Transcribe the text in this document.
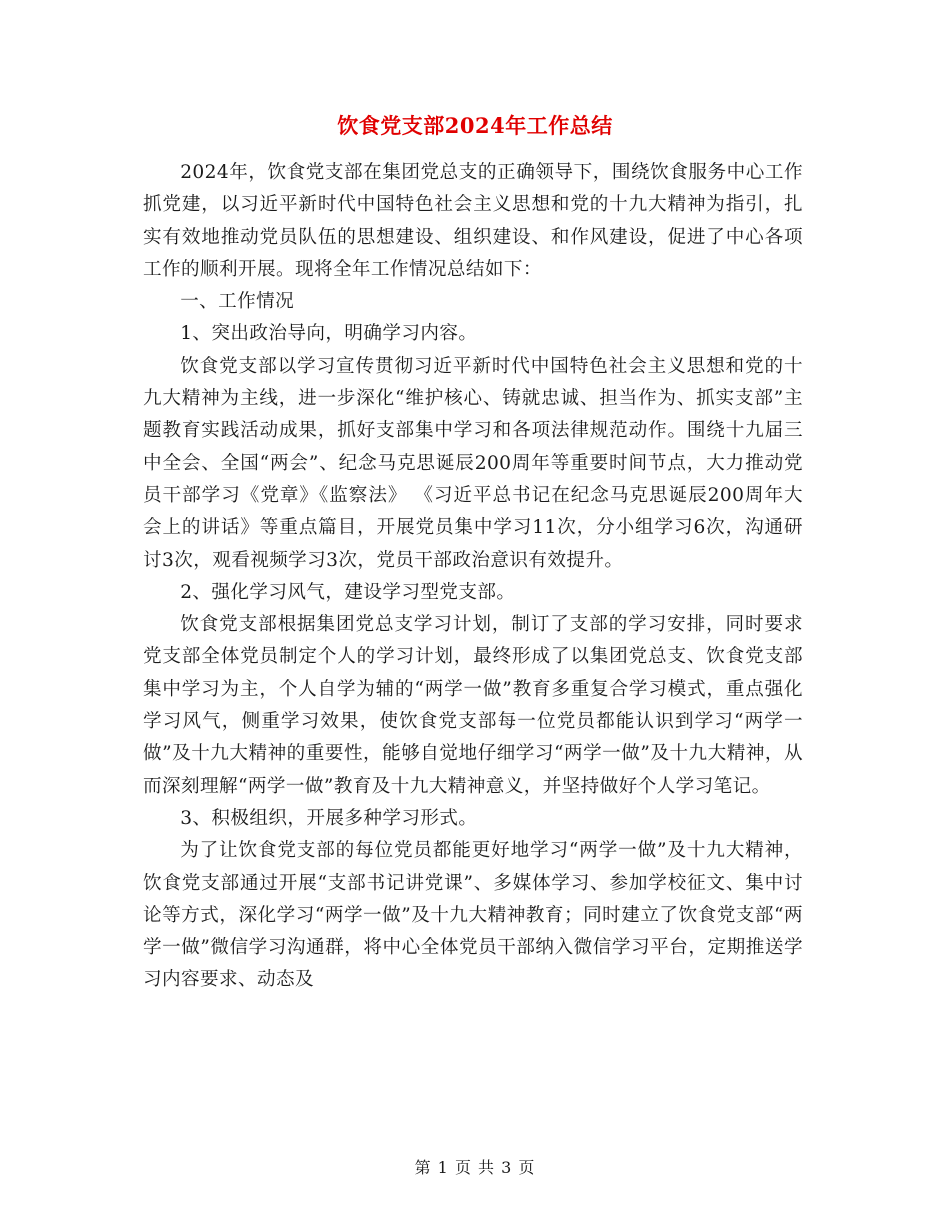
饮食党支部2024年工作总结

2024年，饮食党支部在集团党总支的正确领导下，围绕饮食服务中心工作抓党建，以习近平新时代中国特色社会主义思想和党的十九大精神为指引，扎实有效地推动党员队伍的思想建设、组织建设、和作风建设，促进了中心各项工作的顺利开展。现将全年工作情况总结如下：

一、工作情况

1、突出政治导向，明确学习内容。

饮食党支部以学习宣传贯彻习近平新时代中国特色社会主义思想和党的十九大精神为主线，进一步深化“维护核心、铸就忠诚、担当作为、抓实支部”主题教育实践活动成果，抓好支部集中学习和各项法律规范动作。围绕十九届三中全会、全国“两会”、纪念马克思诞辰200周年等重要时间节点，大力推动党员干部学习《党章》《监察法》 《习近平总书记在纪念马克思诞辰200周年大会上的讲话》等重点篇目，开展党员集中学习11次，分小组学习6次，沟通研讨3次，观看视频学习3次，党员干部政治意识有效提升。

2、强化学习风气，建设学习型党支部。

饮食党支部根据集团党总支学习计划，制订了支部的学习安排，同时要求党支部全体党员制定个人的学习计划，最终形成了以集团党总支、饮食党支部集中学习为主，个人自学为辅的“两学一做”教育多重复合学习模式，重点强化学习风气，侧重学习效果，使饮食党支部每一位党员都能认识到学习“两学一做”及十九大精神的重要性，能够自觉地仔细学习“两学一做”及十九大精神，从而深刻理解“两学一做”教育及十九大精神意义，并坚持做好个人学习笔记。

3、积极组织，开展多种学习形式。

为了让饮食党支部的每位党员都能更好地学习“两学一做”及十九大精神，饮食党支部通过开展“支部书记讲党课”、多媒体学习、参加学校征文、集中讨论等方式，深化学习“两学一做”及十九大精神教育；同时建立了饮食党支部“两学一做”微信学习沟通群，将中心全体党员干部纳入微信学习平台，定期推送学习内容要求、动态及

第 1 页 共 3 页
